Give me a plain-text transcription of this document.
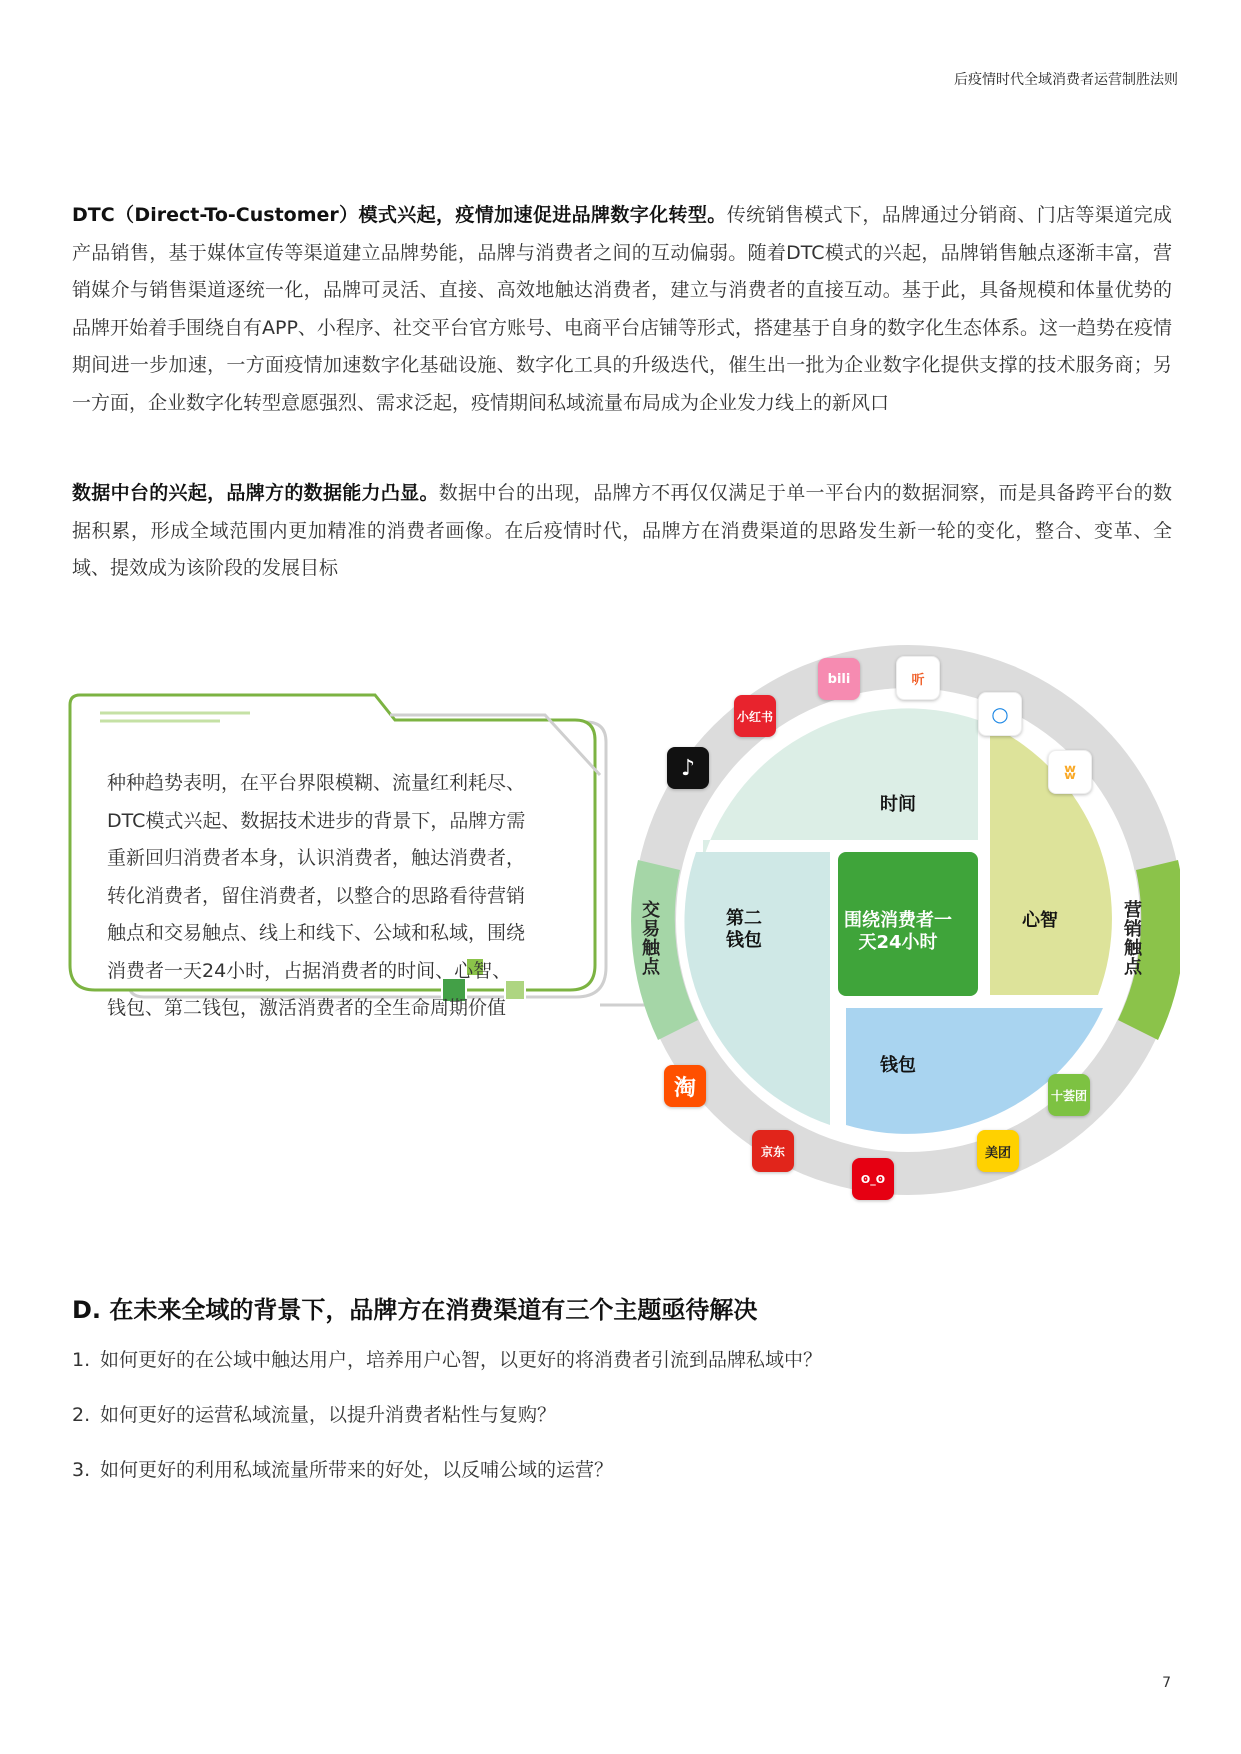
后疫情时代全域消费者运营制胜法则

DTC（Direct-To-Customer）模式兴起，疫情加速促进品牌数字化转型。传统销售模式下，品牌通过分销商、门店等渠道完成产品销售，基于媒体宣传等渠道建立品牌势能，品牌与消费者之间的互动偏弱。随着DTC模式的兴起，品牌销售触点逐渐丰富，营销媒介与销售渠道逐统一化，品牌可灵活、直接、高效地触达消费者，建立与消费者的直接互动。基于此，具备规模和体量优势的品牌开始着手围绕自有APP、小程序、社交平台官方账号、电商平台店铺等形式，搭建基于自身的数字化生态体系。这一趋势在疫情期间进一步加速，一方面疫情加速数字化基础设施、数字化工具的升级迭代，催生出一批为企业数字化提供支撑的技术服务商；另一方面，企业数字化转型意愿强烈、需求泛起，疫情期间私域流量布局成为企业发力线上的新风口

数据中台的兴起，品牌方的数据能力凸显。数据中台的出现，品牌方不再仅仅满足于单一平台内的数据洞察，而是具备跨平台的数据积累，形成全域范围内更加精准的消费者画像。在后疫情时代，品牌方在消费渠道的思路发生新一轮的变化，整合、变革、全域、提效成为该阶段的发展目标

种种趋势表明，在平台界限模糊、流量红利耗尽、DTC模式兴起、数据技术进步的背景下，品牌方需重新回归消费者本身，认识消费者，触达消费者，转化消费者，留住消费者，以整合的思路看待营销触点和交易触点、线上和线下、公域和私域，围绕消费者一天24小时，占据消费者的时间、心智、钱包、第二钱包，激活消费者的全生命周期价值

时间
心智
钱包
第二钱包
围绕消费者一天24小时
交易触点	营销触点
bili	听
小红书
♪
○
ʬ
淘
京东
ʘ_ʘ
美团
十荟团
D. 在未来全域的背景下，品牌方在消费渠道有三个主题亟待解决
1. 如何更好的在公域中触达用户，培养用户心智，以更好的将消费者引流到品牌私域中？
2. 如何更好的运营私域流量，以提升消费者粘性与复购？
3. 如何更好的利用私域流量所带来的好处，以反哺公域的运营？
7
